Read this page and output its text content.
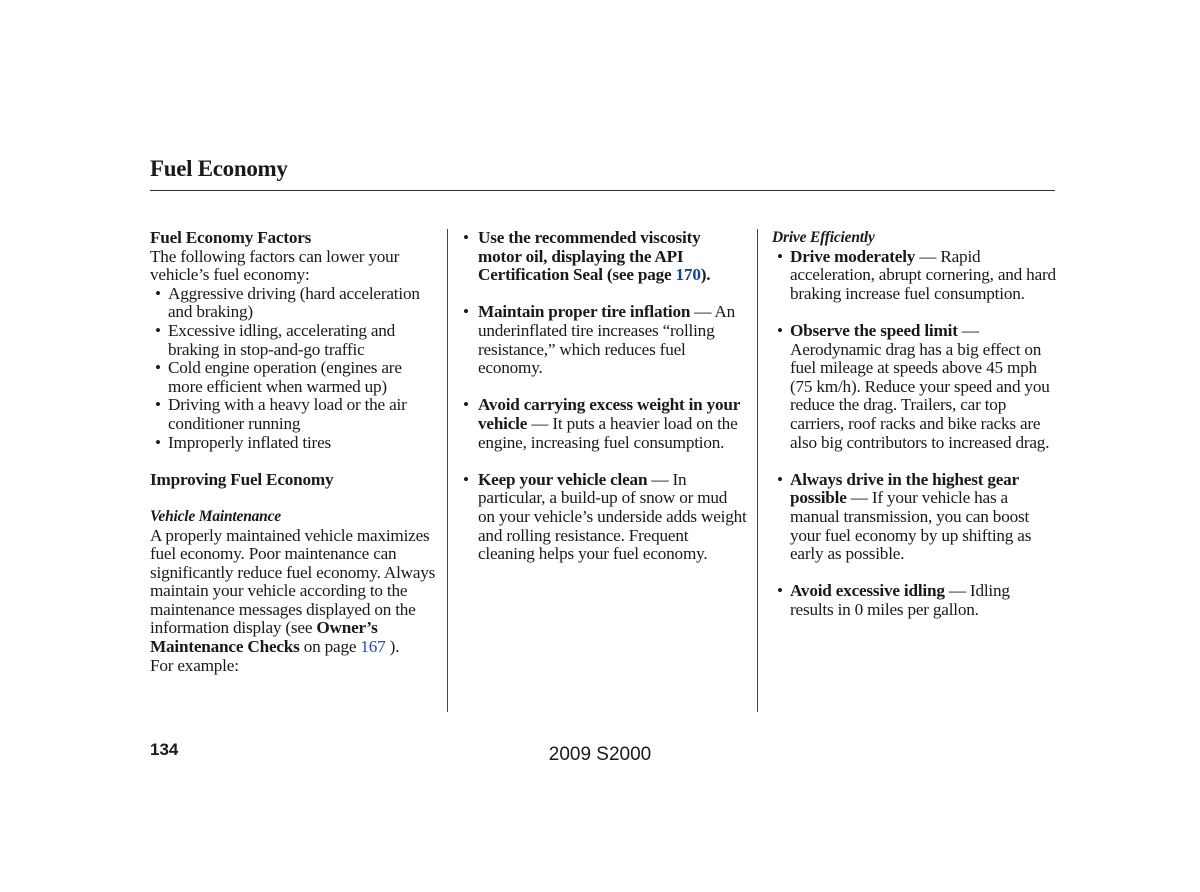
Fuel Economy

Fuel Economy Factors

The following factors can lower your vehicle’s fuel economy:

• Aggressive driving (hard acceleration and braking)

• Excessive idling, accelerating and braking in stop-and-go traffic

• Cold engine operation (engines are more efficient when warmed up)

• Driving with a heavy load or the air conditioner running

• Improperly inflated tires

Improving Fuel Economy

Vehicle Maintenance

A properly maintained vehicle maximizes fuel economy. Poor maintenance can significantly reduce fuel economy. Always maintain your vehicle according to the maintenance messages displayed on the information display (see Owner’s Maintenance Checks on page 167 ).

For example:

• Use the recommended viscosity motor oil, displaying the API Certification Seal (see page 170).

• Maintain proper tire inflation — An underinflated tire increases “rolling resistance,” which reduces fuel economy.

• Avoid carrying excess weight in your vehicle — It puts a heavier load on the engine, increasing fuel consumption.

• Keep your vehicle clean — In particular, a build-up of snow or mud on your vehicle’s underside adds weight and rolling resistance. Frequent cleaning helps your fuel economy.

Drive Efficiently

• Drive moderately — Rapid acceleration, abrupt cornering, and hard braking increase fuel consumption.

• Observe the speed limit — Aerodynamic drag has a big effect on fuel mileage at speeds above 45 mph (75 km/h). Reduce your speed and you reduce the drag. Trailers, car top carriers, roof racks and bike racks are also big contributors to increased drag.

• Always drive in the highest gear possible — If your vehicle has a manual transmission, you can boost your fuel economy by up shifting as early as possible.

• Avoid excessive idling — Idling results in 0 miles per gallon.

134	2009 S2000
